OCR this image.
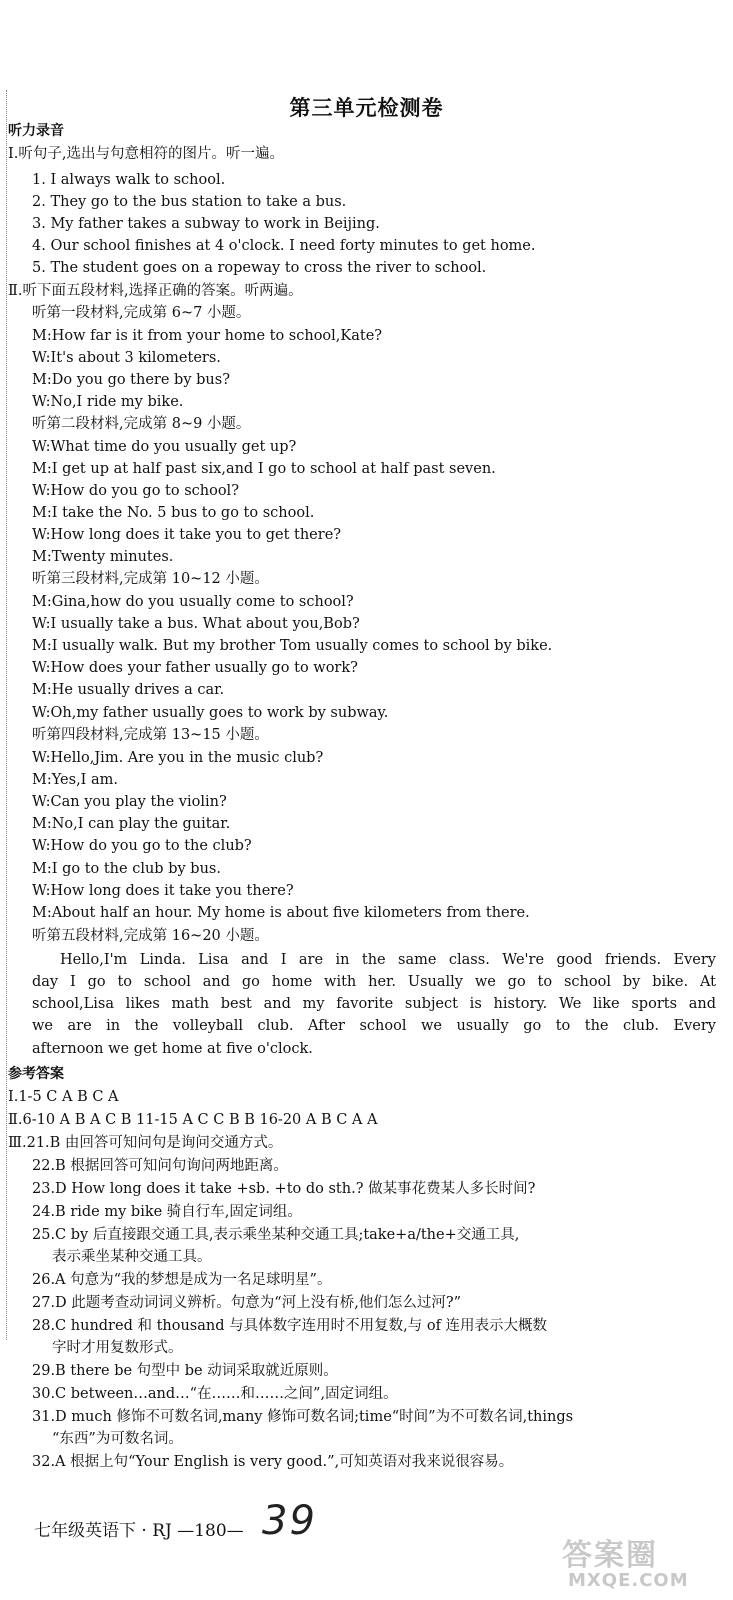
第三单元检测卷
听力录音
Ⅰ.听句子,选出与句意相符的图片。听一遍。
1. I always walk to school.
2. They go to the bus station to take a bus.
3. My father takes a subway to work in Beijing.
4. Our school finishes at 4 o'clock. I need forty minutes to get home.
5. The student goes on a ropeway to cross the river to school.
Ⅱ.听下面五段材料,选择正确的答案。听两遍。
听第一段材料,完成第 6~7 小题。
M:How far is it from your home to school,Kate?
W:It's about 3 kilometers.
M:Do you go there by bus?
W:No,I ride my bike.
听第二段材料,完成第 8~9 小题。
W:What time do you usually get up?
M:I get up at half past six,and I go to school at half past seven.
W:How do you go to school?
M:I take the No. 5 bus to go to school.
W:How long does it take you to get there?
M:Twenty minutes.
听第三段材料,完成第 10~12 小题。
M:Gina,how do you usually come to school?
W:I usually take a bus. What about you,Bob?
M:I usually walk. But my brother Tom usually comes to school by bike.
W:How does your father usually go to work?
M:He usually drives a car.
W:Oh,my father usually goes to work by subway.
听第四段材料,完成第 13~15 小题。
W:Hello,Jim. Are you in the music club?
M:Yes,I am.
W:Can you play the violin?
M:No,I can play the guitar.
W:How do you go to the club?
M:I go to the club by bus.
W:How long does it take you there?
M:About half an hour. My home is about five kilometers from there.
听第五段材料,完成第 16~20 小题。
Hello,I'm Linda. Lisa and I are in the same class. We're good friends. Every
day I go to school and go home with her. Usually we go to school by bike. At
school,Lisa likes math best and my favorite subject is history. We like sports and
we are in the volleyball club. After school we usually go to the club. Every
afternoon we get home at five o'clock.
参考答案
Ⅰ.1-5 C A B C A
Ⅱ.6-10 A B A C B 11-15 A C C B B 16-20 A B C A A
Ⅲ.21.B 由回答可知问句是询问交通方式。
22.B 根据回答可知问句询问两地距离。
23.D How long does it take +sb. +to do sth.? 做某事花费某人多长时间?
24.B ride my bike 骑自行车,固定词组。
25.C by 后直接跟交通工具,表示乘坐某种交通工具;take+a/the+交通工具,
表示乘坐某种交通工具。
26.A 句意为“我的梦想是成为一名足球明星”。
27.D 此题考查动词词义辨析。句意为“河上没有桥,他们怎么过河?”
28.C hundred 和 thousand 与具体数字连用时不用复数,与 of 连用表示大概数
字时才用复数形式。
29.B there be 句型中 be 动词采取就近原则。
30.C between…and…“在……和……之间”,固定词组。
31.D much 修饰不可数名词,many 修饰可数名词;time“时间”为不可数名词,things
“东西”为可数名词。
32.A 根据上句“Your English is very good.”,可知英语对我来说很容易。
七年级英语下 · RJ —180— 39
答案圈
MXQE.COM
